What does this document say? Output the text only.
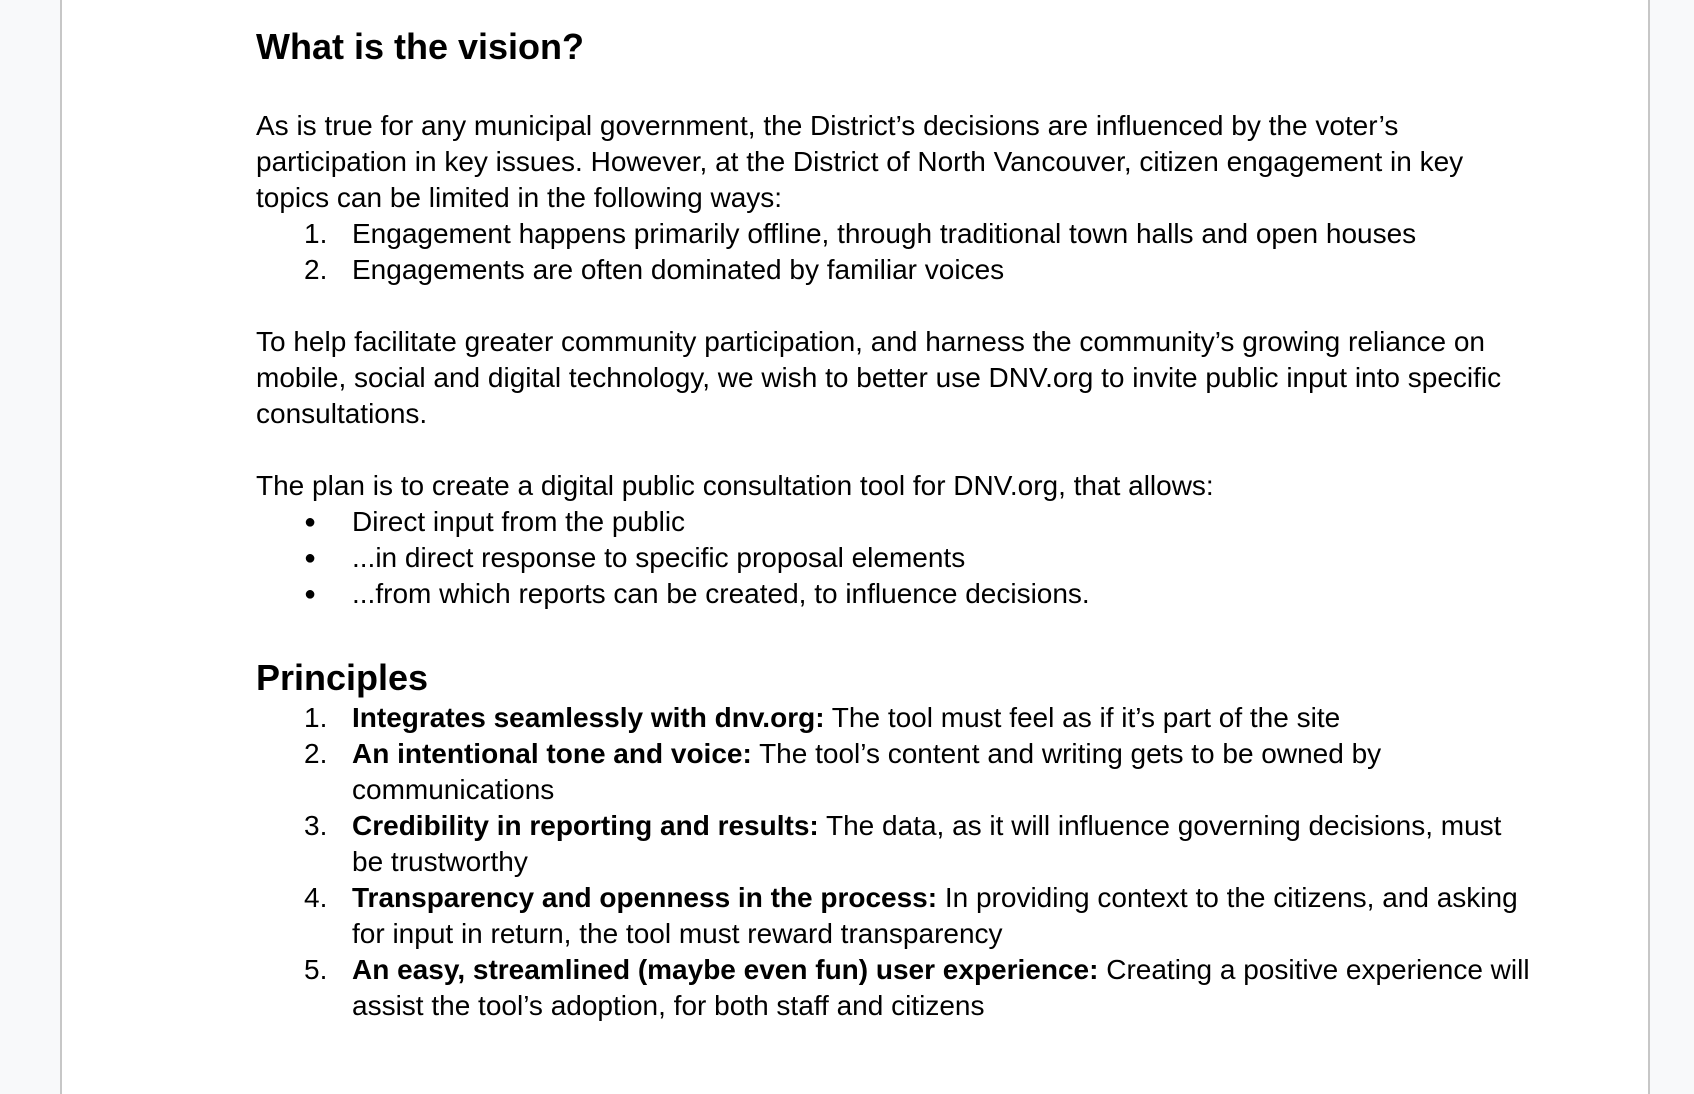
What is the vision?

As is true for any municipal government, the District’s decisions are influenced by the voter’s participation in key issues. However, at the District of North Vancouver, citizen engagement in key topics can be limited in the following ways:

1. Engagement happens primarily offline, through traditional town halls and open houses
2. Engagements are often dominated by familiar voices

To help facilitate greater community participation, and harness the community’s growing reliance on mobile, social and digital technology, we wish to better use DNV.org to invite public input into specific consultations.

The plan is to create a digital public consultation tool for DNV.org, that allows:

●	Direct input from the public
●	...in direct response to specific proposal elements
●	...from which reports can be created, to influence decisions.
Principles
1. Integrates seamlessly with dnv.org: The tool must feel as if it’s part of the site
2. An intentional tone and voice: The tool’s content and writing gets to be owned by communications
3. Credibility in reporting and results: The data, as it will influence governing decisions, must be trustworthy
4. Transparency and openness in the process: In providing context to the citizens, and asking for input in return, the tool must reward transparency
5. An easy, streamlined (maybe even fun) user experience: Creating a positive experience will assist the tool’s adoption, for both staff and citizens
